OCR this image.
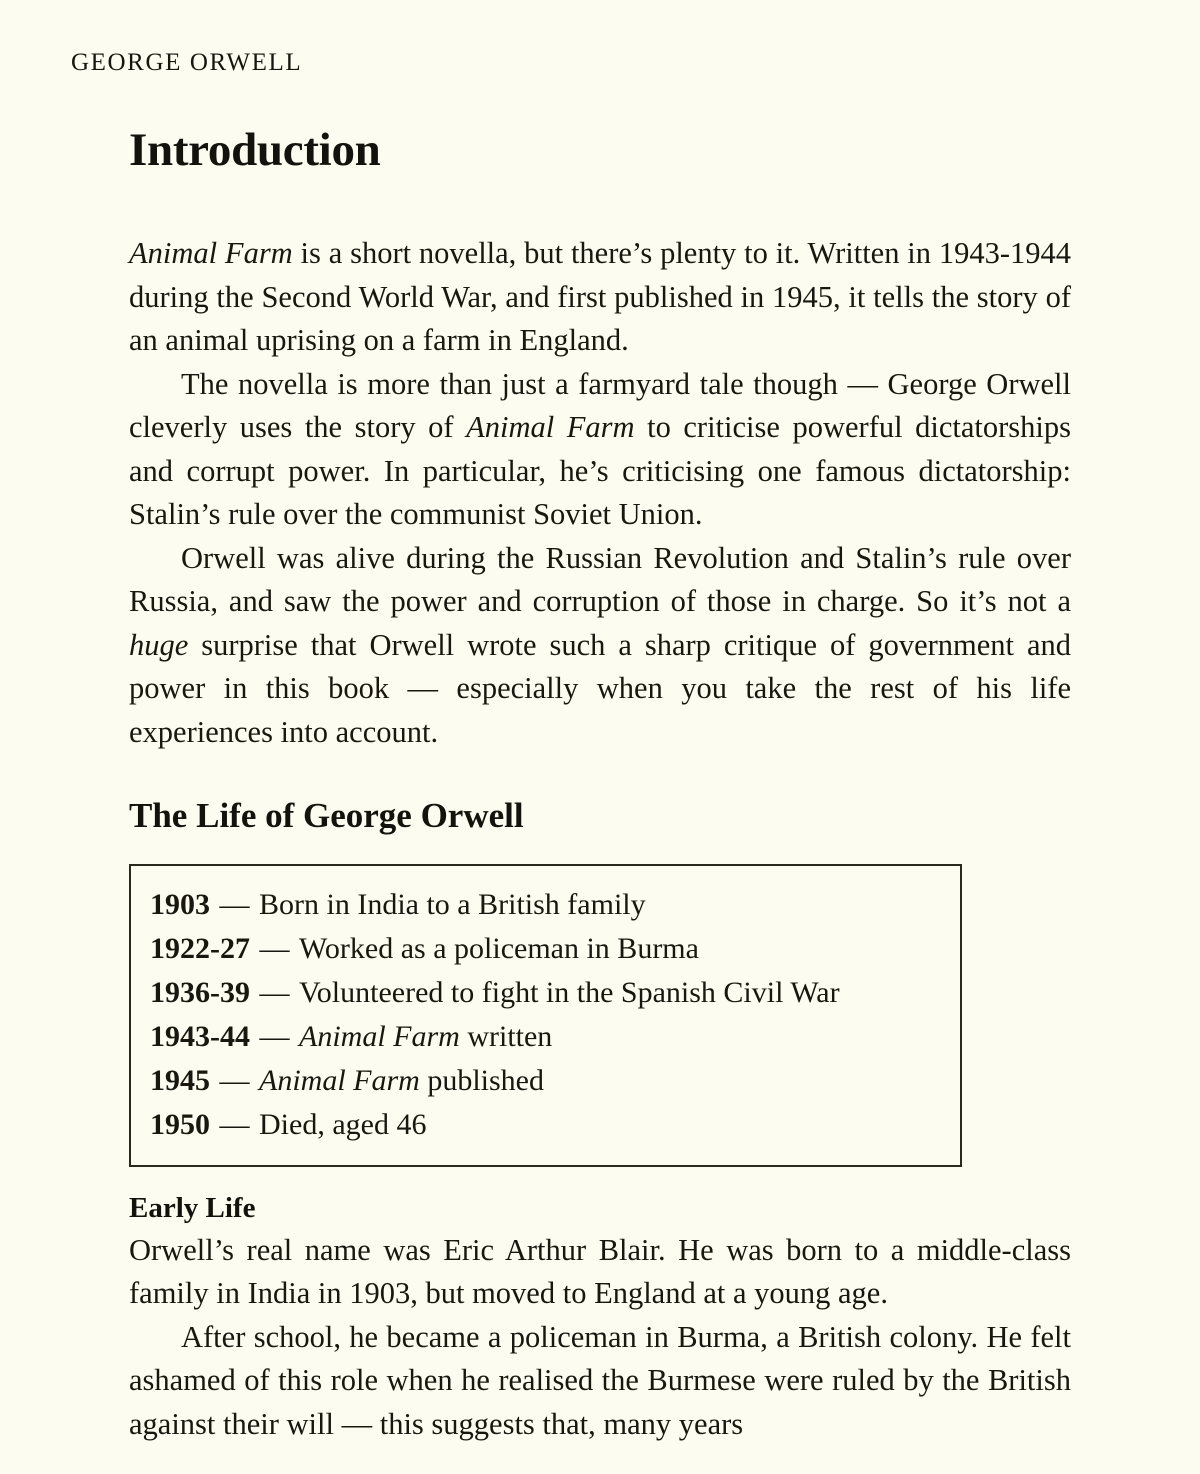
GEORGE ORWELL
Introduction

Animal Farm is a short novella, but there’s plenty to it. Written in 1943-1944 during the Second World War, and first published in 1945, it tells the story of an animal uprising on a farm in England.

The novella is more than just a farmyard tale though — George Orwell cleverly uses the story of Animal Farm to criticise powerful dictatorships and corrupt power. In particular, he’s criticising one famous dictatorship: Stalin’s rule over the communist Soviet Union.

Orwell was alive during the Russian Revolution and Stalin’s rule over Russia, and saw the power and corruption of those in charge. So it’s not a huge surprise that Orwell wrote such a sharp critique of government and power in this book — especially when you take the rest of his life experiences into account.

The Life of George Orwell
1903 — Born in India to a British family
1922-27 — Worked as a policeman in Burma
1936-39 — Volunteered to fight in the Spanish Civil War
1943-44 — Animal Farm written
1945 — Animal Farm published
1950 — Died, aged 46
Early Life

Orwell’s real name was Eric Arthur Blair. He was born to a middle-class family in India in 1903, but moved to England at a young age.

After school, he became a policeman in Burma, a British colony. He felt ashamed of this role when he realised the Burmese were ruled by the British against their will — this suggests that, many years
